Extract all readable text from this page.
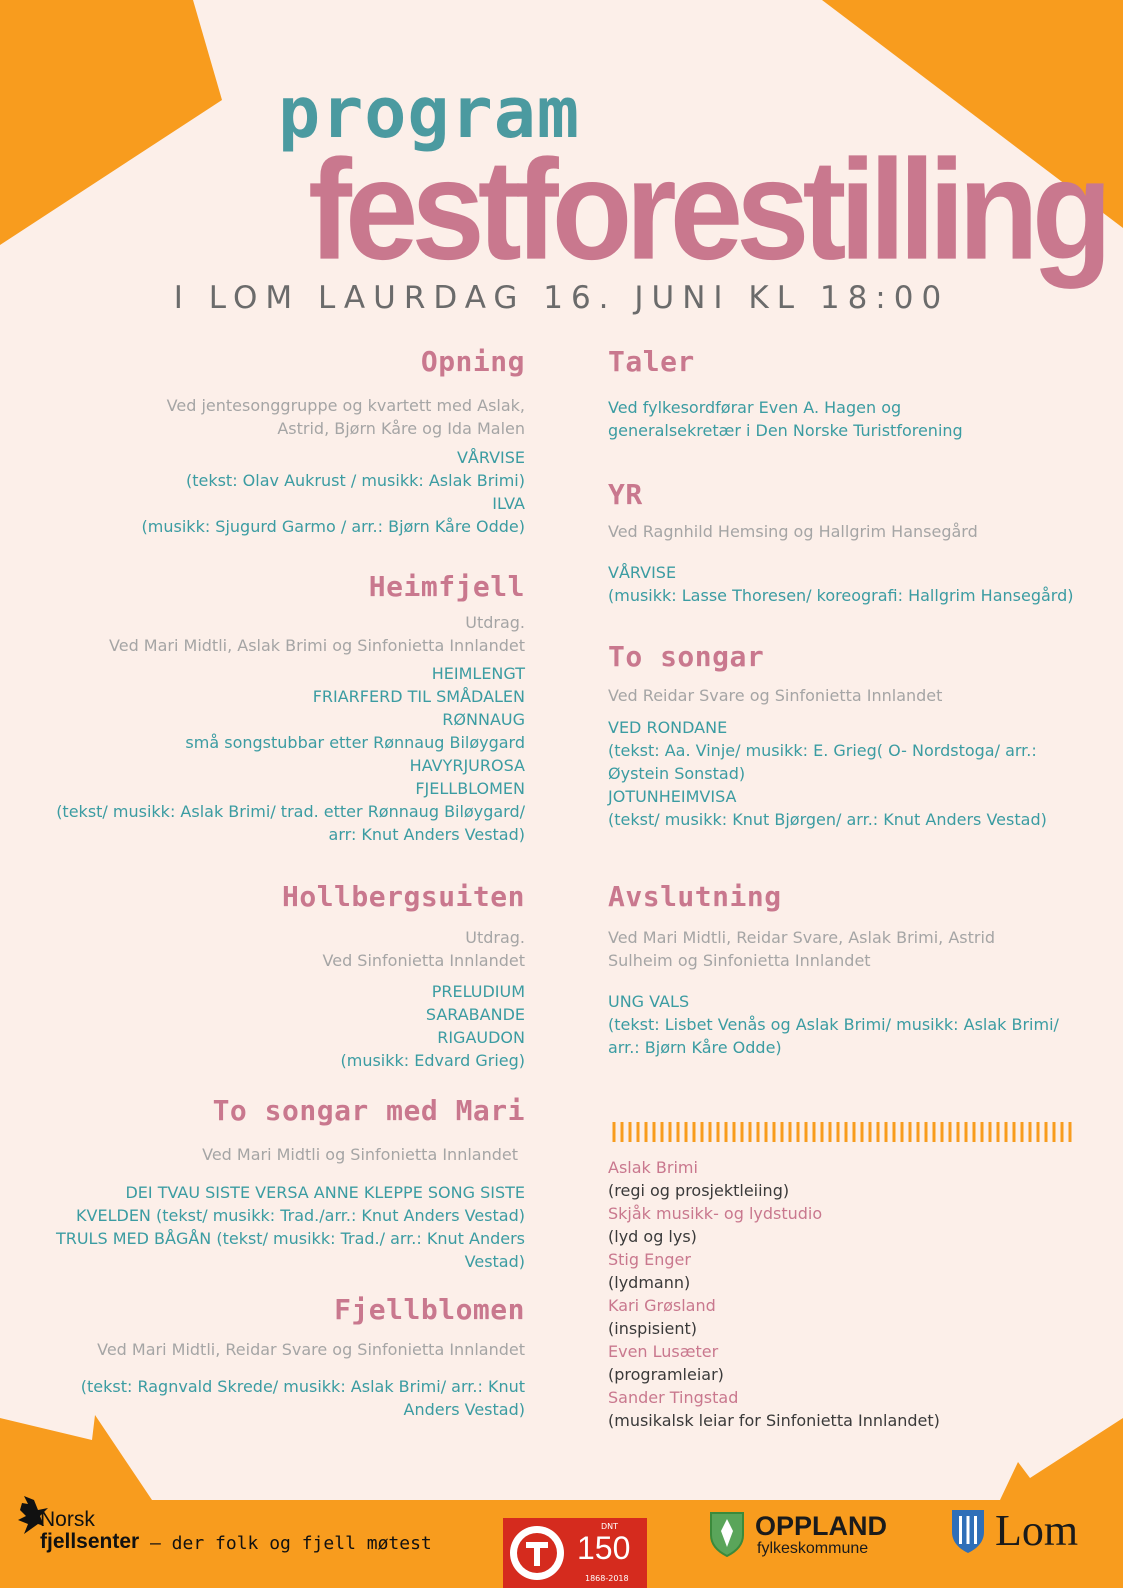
program
festforestilling
I LOM LAURDAG 16. JUNI KL 18:00
Opning
Ved jentesonggruppe og kvartett med Aslak,
Astrid, Bjørn Kåre og Ida Malen
VÅRVISE
(tekst: Olav Aukrust / musikk: Aslak Brimi)
ILVA
(musikk: Sjugurd Garmo / arr.: Bjørn Kåre Odde)
Heimfjell
Utdrag.
Ved Mari Midtli, Aslak Brimi og Sinfonietta Innlandet
HEIMLENGT
FRIARFERD TIL SMÅDALEN
RØNNAUG
små songstubbar etter Rønnaug Biløygard
HAVYRJUROSA
FJELLBLOMEN
(tekst/ musikk: Aslak Brimi/ trad. etter Rønnaug Biløygard/
arr: Knut Anders Vestad)
Hollbergsuiten
Utdrag.
Ved Sinfonietta Innlandet
PRELUDIUM
SARABANDE
RIGAUDON
(musikk: Edvard Grieg)
To songar med Mari
Ved Mari Midtli og Sinfonietta Innlandet
DEI TVAU SISTE VERSA ANNE KLEPPE SONG SISTE
KVELDEN (tekst/ musikk: Trad./arr.: Knut Anders Vestad)
TRULS MED BÅGÅN (tekst/ musikk: Trad./ arr.: Knut Anders
Vestad)
Fjellblomen
Ved Mari Midtli, Reidar Svare og Sinfonietta Innlandet
(tekst: Ragnvald Skrede/ musikk: Aslak Brimi/ arr.: Knut
Anders Vestad)
Taler
Ved fylkesordførar Even A. Hagen og
generalsekretær i Den Norske Turistforening
YR
Ved Ragnhild Hemsing og Hallgrim Hansegård
VÅRVISE
(musikk: Lasse Thoresen/ koreografi: Hallgrim Hansegård)
To songar
Ved Reidar Svare og Sinfonietta Innlandet
VED RONDANE
(tekst: Aa. Vinje/ musikk: E. Grieg( O- Nordstoga/ arr.:
Øystein Sonstad)
JOTUNHEIMVISA
(tekst/ musikk: Knut Bjørgen/ arr.: Knut Anders Vestad)
Avslutning
Ved Mari Midtli, Reidar Svare, Aslak Brimi, Astrid
Sulheim og Sinfonietta Innlandet
UNG VALS
(tekst: Lisbet Venås og Aslak Brimi/ musikk: Aslak Brimi/
arr.: Bjørn Kåre Odde)
Aslak Brimi
(regi og prosjektleiing)
Skjåk musikk- og lydstudio
(lyd og lys)
Stig Enger
(lydmann)
Kari Grøsland
(inspisient)
Even Lusæter
(programleiar)
Sander Tingstad
(musikalsk leiar for Sinfonietta Innlandet)
Norsk
fjellsenter – der folk og fjell møtest
DNT
150
1868-2018
OPPLAND
fylkeskommune	Lom
